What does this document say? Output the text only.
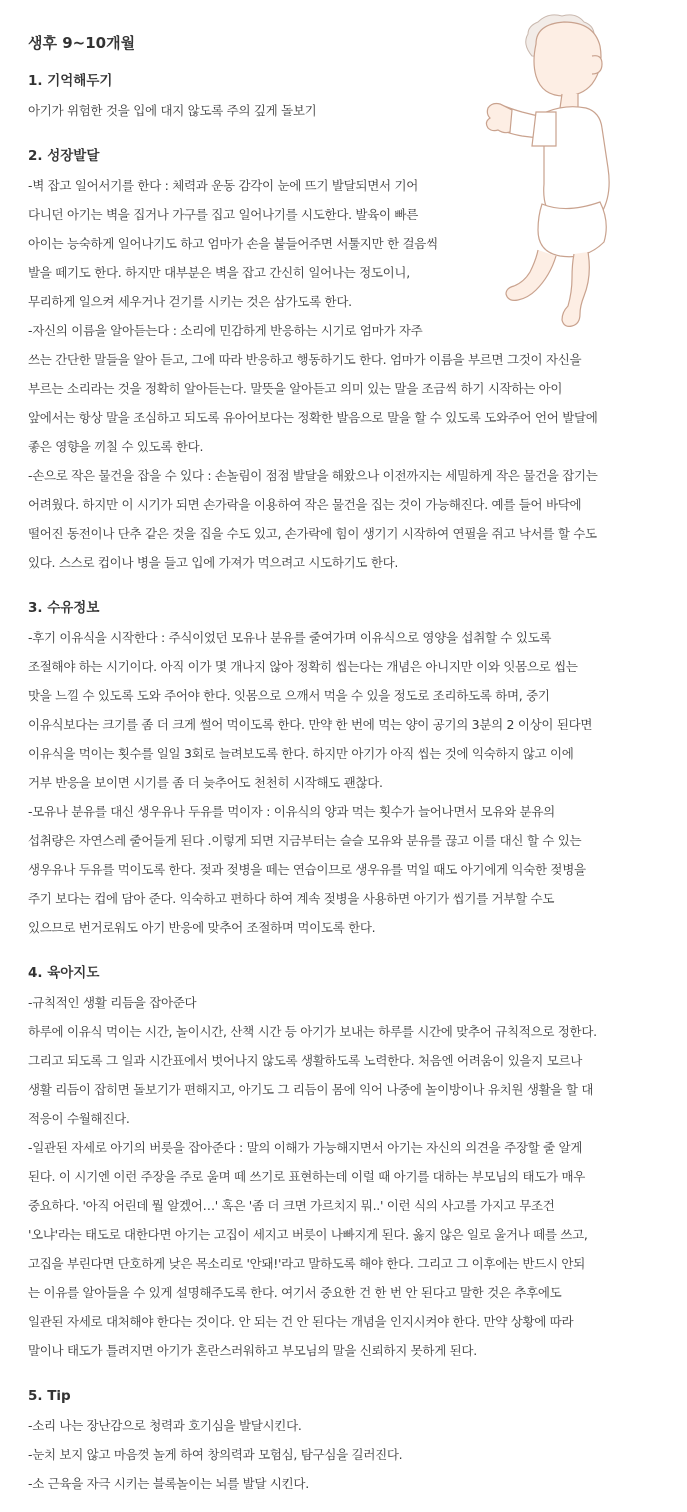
생후 9~10개월
1. 기억해두기
아기가 위험한 것을 입에 대지 않도록 주의 깊게 돌보기
2. 성장발달
-벽 잡고 일어서기를 한다 : 체력과 운동 감각이 눈에 뜨기 발달되면서 기어
다니던 아기는 벽을 집거나 가구를 집고 일어나기를 시도한다. 발육이 빠른
아이는 능숙하게 일어나기도 하고 엄마가 손을 붙들어주면 서툴지만 한 걸음씩
발을 떼기도 한다. 하지만 대부분은 벽을 잡고 간신히 일어나는 정도이니,
무리하게 일으켜 세우거나 걷기를 시키는 것은 삼가도록 한다.
-자신의 이름을 알아듣는다 : 소리에 민감하게 반응하는 시기로 엄마가 자주
쓰는 간단한 말들을 알아 듣고, 그에 따라 반응하고 행동하기도 한다. 엄마가 이름을 부르면 그것이 자신을
부르는 소리라는 것을 정확히 알아듣는다. 말뜻을 알아듣고 의미 있는 말을 조금씩 하기 시작하는 아이
앞에서는 항상 말을 조심하고 되도록 유아어보다는 정확한 발음으로 말을 할 수 있도록 도와주어 언어 발달에
좋은 영향을 끼칠 수 있도록 한다.
-손으로 작은 물건을 잡을 수 있다 : 손놀림이 점점 발달을 해왔으나 이전까지는 세밀하게 작은 물건을 잡기는
어려웠다. 하지만 이 시기가 되면 손가락을 이용하여 작은 물건을 집는 것이 가능해진다. 예를 들어 바닥에
떨어진 동전이나 단추 같은 것을 집을 수도 있고, 손가락에 힘이 생기기 시작하여 연필을 쥐고 낙서를 할 수도
있다. 스스로 컵이나 병을 들고 입에 가져가 먹으려고 시도하기도 한다.
3. 수유정보
-후기 이유식을 시작한다 : 주식이었던 모유나 분유를 줄여가며 이유식으로 영양을 섭취할 수 있도록
조절해야 하는 시기이다. 아직 이가 몇 개나지 않아 정확히 씹는다는 개념은 아니지만 이와 잇몸으로 씹는
맛을 느낄 수 있도록 도와 주어야 한다. 잇몸으로 으깨서 먹을 수 있을 정도로 조리하도록 하며, 중기
이유식보다는 크기를 좀 더 크게 썰어 먹이도록 한다. 만약 한 번에 먹는 양이 공기의 3분의 2 이상이 된다면
이유식을 먹이는 횟수를 일일 3회로 늘려보도록 한다. 하지만 아기가 아직 씹는 것에 익숙하지 않고 이에
거부 반응을 보이면 시기를 좀 더 늦추어도 천천히 시작해도 괜찮다.
-모유나 분유를 대신 생우유나 두유를 먹이자 : 이유식의 양과 먹는 횟수가 늘어나면서 모유와 분유의
섭취량은 자연스레 줄어들게 된다 .이렇게 되면 지금부터는 슬슬 모유와 분유를 끊고 이를 대신 할 수 있는
생우유나 두유를 먹이도록 한다. 젖과 젖병을 떼는 연습이므로 생우유를 먹일 때도 아기에게 익숙한 젖병을
주기 보다는 컵에 담아 준다. 익숙하고 편하다 하여 계속 젖병을 사용하면 아기가 씹기를 거부할 수도
있으므로 번거로워도 아기 반응에 맞추어 조절하며 먹이도록 한다.
4. 육아지도
-규칙적인 생활 리듬을 잡아준다
하루에 이유식 먹이는 시간, 놀이시간, 산책 시간 등 아기가 보내는 하루를 시간에 맞추어 규칙적으로 정한다.
그리고 되도록 그 일과 시간표에서 벗어나지 않도록 생활하도록 노력한다. 처음엔 어려움이 있을지 모르나
생활 리듬이 잡히면 돌보기가 편해지고, 아기도 그 리듬이 몸에 익어 나중에 놀이방이나 유치원 생활을 할 대
적응이 수월해진다.
-일관된 자세로 아기의 버릇을 잡아준다 : 말의 이해가 가능해지면서 아기는 자신의 의견을 주장할 줄 알게
된다. 이 시기엔 이런 주장을 주로 울며 떼 쓰기로 표현하는데 이럴 때 아기를 대하는 부모님의 태도가 매우
중요하다. '아직 어린데 뭘 알겠어…' 혹은 '좀 더 크면 가르치지 뭐..' 이런 식의 사고를 가지고 무조건
'오냐'라는 태도로 대한다면 아기는 고집이 세지고 버릇이 나빠지게 된다. 옳지 않은 일로 울거나 떼를 쓰고,
고집을 부린다면 단호하게 낮은 목소리로 '안돼!'라고 말하도록 해야 한다. 그리고 그 이후에는 반드시 안되
는 이유를 알아들을 수 있게 설명해주도록 한다. 여기서 중요한 건 한 번 안 된다고 말한 것은 추후에도
일관된 자세로 대처해야 한다는 것이다. 안 되는 건 안 된다는 개념을 인지시켜야 한다. 만약 상황에 따라
말이나 태도가 틀려지면 아기가 혼란스러워하고 부모님의 말을 신뢰하지 못하게 된다.
5. Tip
-소리 나는 장난감으로 청력과 호기심을 발달시킨다.
-눈치 보지 않고 마음껏 놀게 하여 창의력과 모험심, 탐구심을 길러진다.
-소 근육을 자극 시키는 블록놀이는 뇌를 발달 시킨다.
